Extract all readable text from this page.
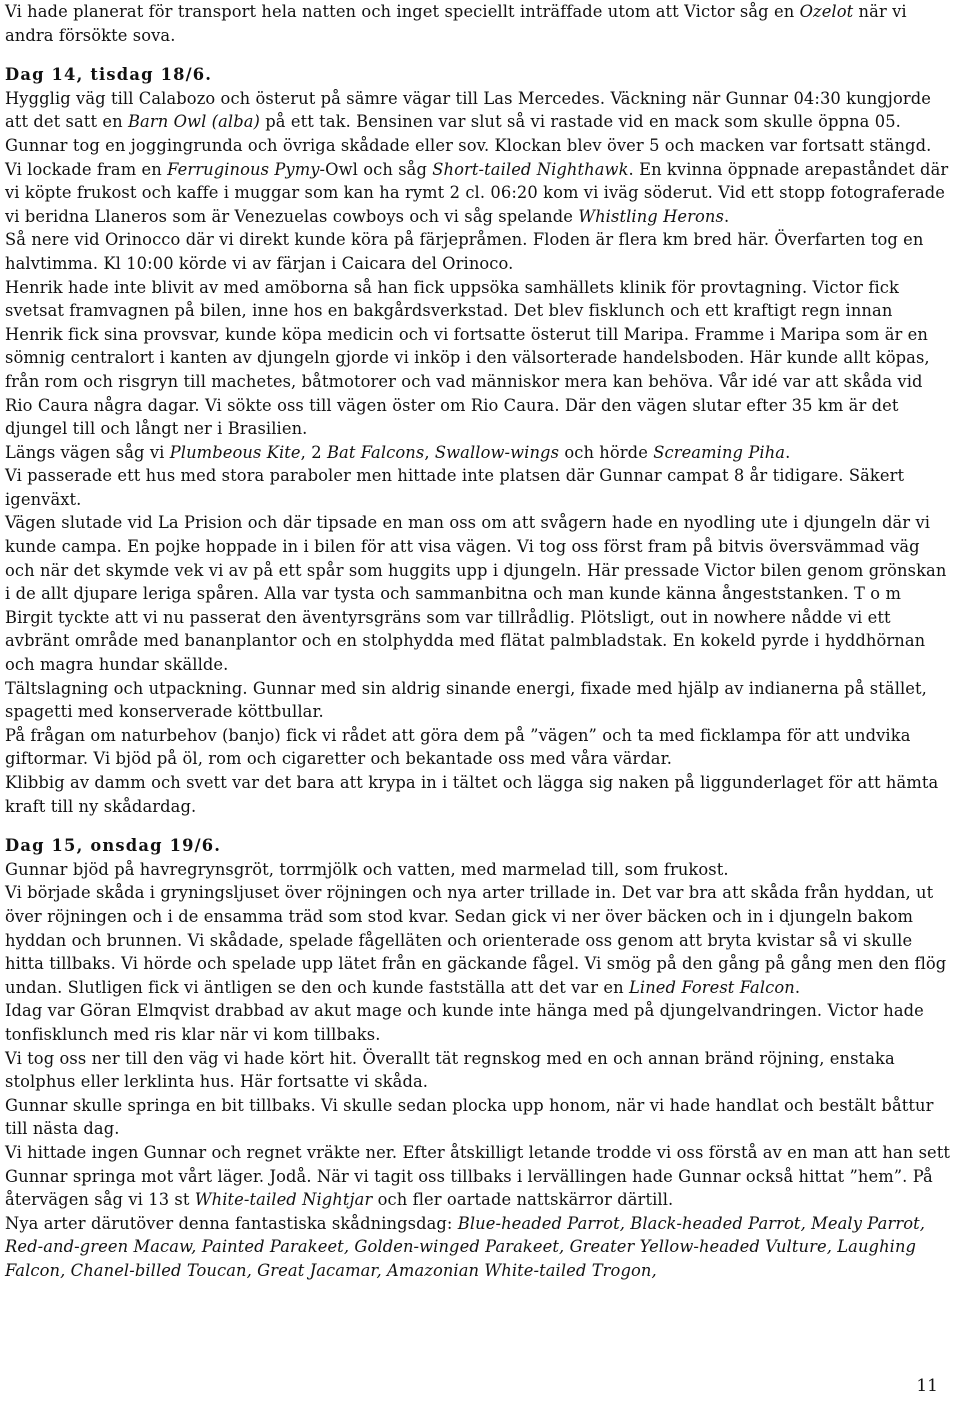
Vi hade planerat för transport hela natten och inget speciellt inträffade utom att Victor såg en Ozelot när vi andra försökte sova.

Dag 14, tisdag 18/6.

Hygglig väg till Calabozo och österut på sämre vägar till Las Mercedes. Väckning när Gunnar 04:30 kungjorde att det satt en Barn Owl (alba) på ett tak. Bensinen var slut så vi rastade vid en mack som skulle öppna 05. Gunnar tog en joggingrunda och övriga skådade eller sov. Klockan blev över 5 och macken var fortsatt stängd. Vi lockade fram en Ferruginous Pymy-Owl och såg Short-tailed Nighthawk. En kvinna öppnade arepaståndet där vi köpte frukost och kaffe i muggar som kan ha rymt 2 cl. 06:20 kom vi iväg söderut. Vid ett stopp fotograferade vi beridna Llaneros som är Venezuelas cowboys och vi såg spelande Whistling Herons.

Så nere vid Orinocco där vi direkt kunde köra på färjepråmen. Floden är flera km bred här. Överfarten tog en halvtimma. Kl 10:00 körde vi av färjan i Caicara del Orinoco.

Henrik hade inte blivit av med amöborna så han fick uppsöka samhällets klinik för provtagning. Victor fick svetsat framvagnen på bilen, inne hos en bakgårdsverkstad. Det blev fisklunch och ett kraftigt regn innan Henrik fick sina provsvar, kunde köpa medicin och vi fortsatte österut till Maripa. Framme i Maripa som är en sömnig centralort i kanten av djungeln gjorde vi inköp i den välsorterade handelsboden. Här kunde allt köpas, från rom och risgryn till machetes, båtmotorer och vad människor mera kan behöva. Vår idé var att skåda vid Rio Caura några dagar. Vi sökte oss till vägen öster om Rio Caura. Där den vägen slutar efter 35 km är det djungel till och långt ner i Brasilien.

Längs vägen såg vi Plumbeous Kite, 2 Bat Falcons, Swallow-wings och hörde Screaming Piha.

Vi passerade ett hus med stora paraboler men hittade inte platsen där Gunnar campat 8 år tidigare. Säkert igenväxt.

Vägen slutade vid La Prision och där tipsade en man oss om att svågern hade en nyodling ute i djungeln där vi kunde campa. En pojke hoppade in i bilen för att visa vägen. Vi tog oss först fram på bitvis översvämmad väg och när det skymde vek vi av på ett spår som huggits upp i djungeln. Här pressade Victor bilen genom grönskan i de allt djupare leriga spåren. Alla var tysta och sammanbitna och man kunde känna ångeststanken. T o m Birgit tyckte att vi nu passerat den äventyrsgräns som var tillrådlig. Plötsligt, out in nowhere nådde vi ett avbränt område med bananplantor och en stolphydda med flätat palmbladstak. En kokeld pyrde i hyddhörnan och magra hundar skällde.

Tältslagning och utpackning. Gunnar med sin aldrig sinande energi, fixade med hjälp av indianerna på stället, spagetti med konserverade köttbullar.

På frågan om naturbehov (banjo) fick vi rådet att göra dem på ”vägen” och ta med ficklampa för att undvika giftormar. Vi bjöd på öl, rom och cigaretter och bekantade oss med våra värdar.

Klibbig av damm och svett var det bara att krypa in i tältet och lägga sig naken på liggunderlaget för att hämta kraft till ny skådardag.

Dag 15, onsdag 19/6.

Gunnar bjöd på havregrynsgröt, torrmjölk och vatten, med marmelad till, som frukost.

Vi började skåda i gryningsljuset över röjningen och nya arter trillade in. Det var bra att skåda från hyddan, ut över röjningen och i de ensamma träd som stod kvar. Sedan gick vi ner över bäcken och in i djungeln bakom hyddan och brunnen. Vi skådade, spelade fågelläten och orienterade oss genom att bryta kvistar så vi skulle hitta tillbaks. Vi hörde och spelade upp lätet från en gäckande fågel. Vi smög på den gång på gång men den flög undan. Slutligen fick vi äntligen se den och kunde fastställa att det var en Lined Forest Falcon.

Idag var Göran Elmqvist drabbad av akut mage och kunde inte hänga med på djungelvandringen. Victor hade tonfisklunch med ris klar när vi kom tillbaks.

Vi tog oss ner till den väg vi hade kört hit. Överallt tät regnskog med en och annan bränd röjning, enstaka stolphus eller lerklinta hus. Här fortsatte vi skåda.

Gunnar skulle springa en bit tillbaks. Vi skulle sedan plocka upp honom, när vi hade handlat och bestält båttur till nästa dag.

Vi hittade ingen Gunnar och regnet vräkte ner. Efter åtskilligt letande trodde vi oss förstå av en man att han sett Gunnar springa mot vårt läger. Jodå. När vi tagit oss tillbaks i lervällingen hade Gunnar också hittat ”hem”. På återvägen såg vi 13 st White-tailed Nightjar och fler oartade nattskärror därtill.

Nya arter därutöver denna fantastiska skådningsdag: Blue-headed Parrot, Black-headed Parrot, Mealy Parrot, Red-and-green Macaw, Painted Parakeet, Golden-winged Parakeet, Greater Yellow-headed Vulture, Laughing Falcon, Chanel-billed Toucan, Great Jacamar, Amazonian White-tailed Trogon,

11
